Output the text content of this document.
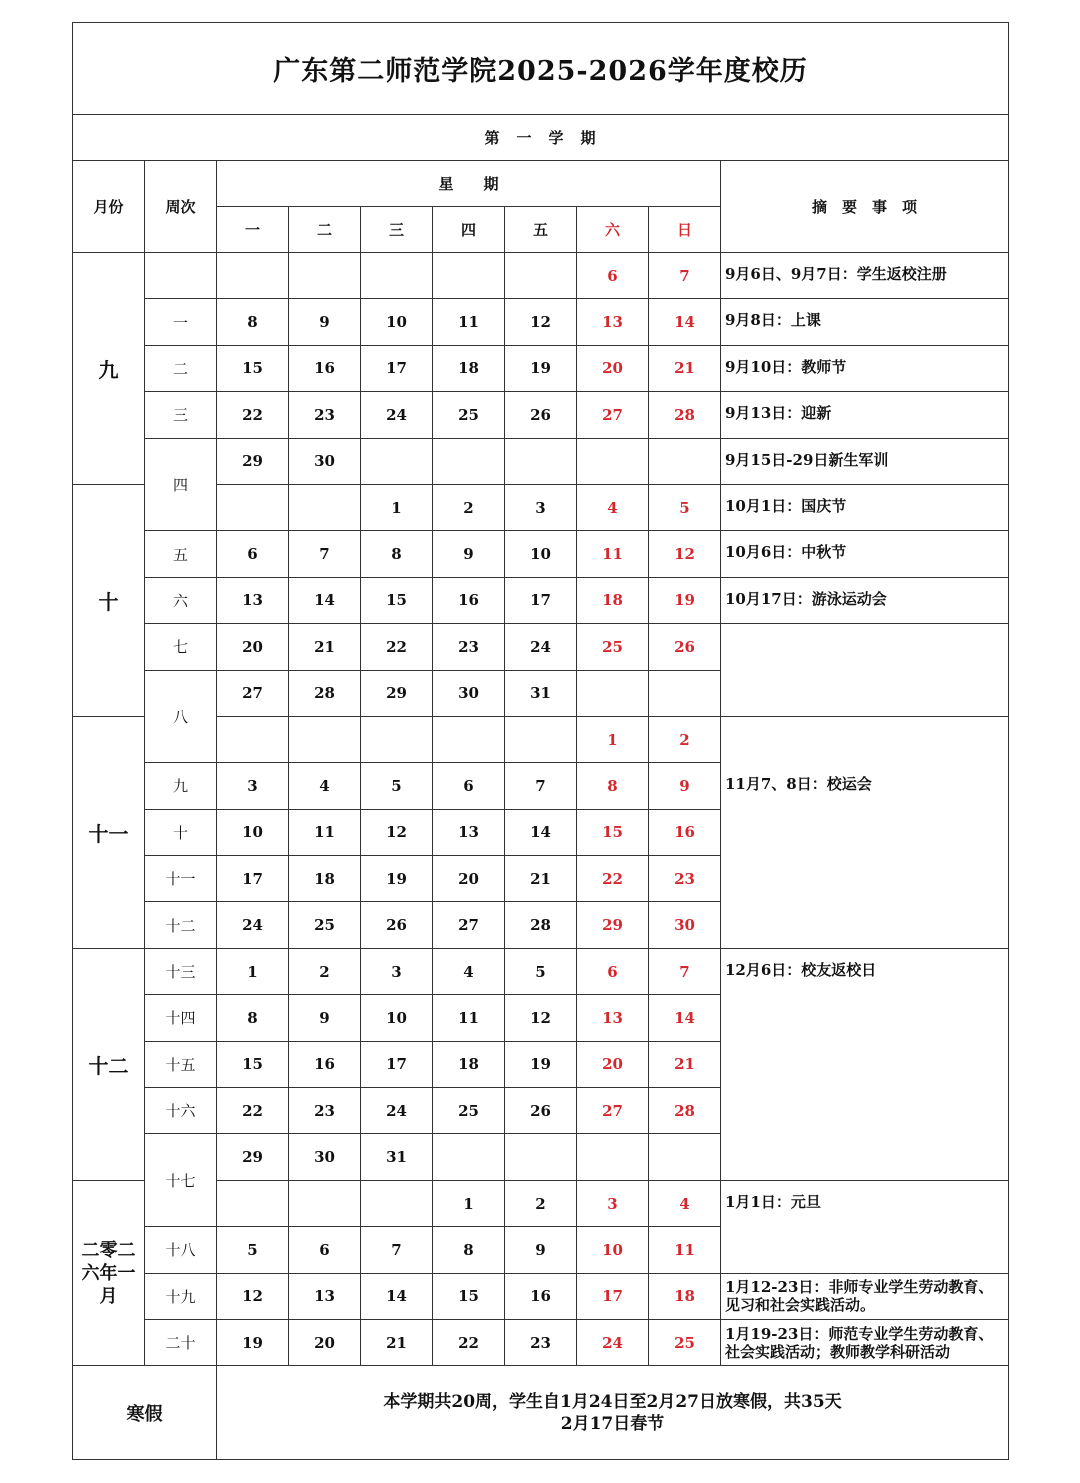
广东第二师范学院2025-2026学年度校历									
第　一　学　期									
月份	周次	星　　期							摘　要　事　项
		一	二	三	四	五	六	日	
九							6	7	9月6日、9月7日：学生返校注册

	一	8	9	10	11	12	13	14	9月8日：上课

	二	15	16	17	18	19	20	21	9月10日：教师节

	三	22	23	24	25	26	27	28	9月13日：迎新

	四	29	30						9月15日-29日新生军训

十				1	2	3	4	5	10月1日：国庆节

	五	6	7	8	9	10	11	12	10月6日：中秋节

	六	13	14	15	16	17	18	19	10月17日：游泳运动会

	七	20	21	22	23	24	25	26	
	八	27	28	29	30	31			
十一							1	2	11月7、8日：校运会

	九	3	4	5	6	7	8	9	
	十	10	11	12	13	14	15	16	
	十一	17	18	19	20	21	22	23	
	十二	24	25	26	27	28	29	30	
十二	十三	1	2	3	4	5	6	7	12月6日：校友返校日

	十四	8	9	10	11	12	13	14	
	十五	15	16	17	18	19	20	21	
	十六	22	23	24	25	26	27	28	
	十七	29	30	31					
二零二六年一月					1	2	3	4	1月1日：元旦

	十八	5	6	7	8	9	10	11	
	十九	12	13	14	15	16	17	18	1月12-23日：非师专业学生劳动教育、见习和社会实践活动。

	二十	19	20	21	22	23	24	25	1月19-23日：师范专业学生劳动教育、社会实践活动；教师教学科研活动

寒假		本学期共20周，学生自1月24日至2月27日放寒假，共35天
2月17日春节							
